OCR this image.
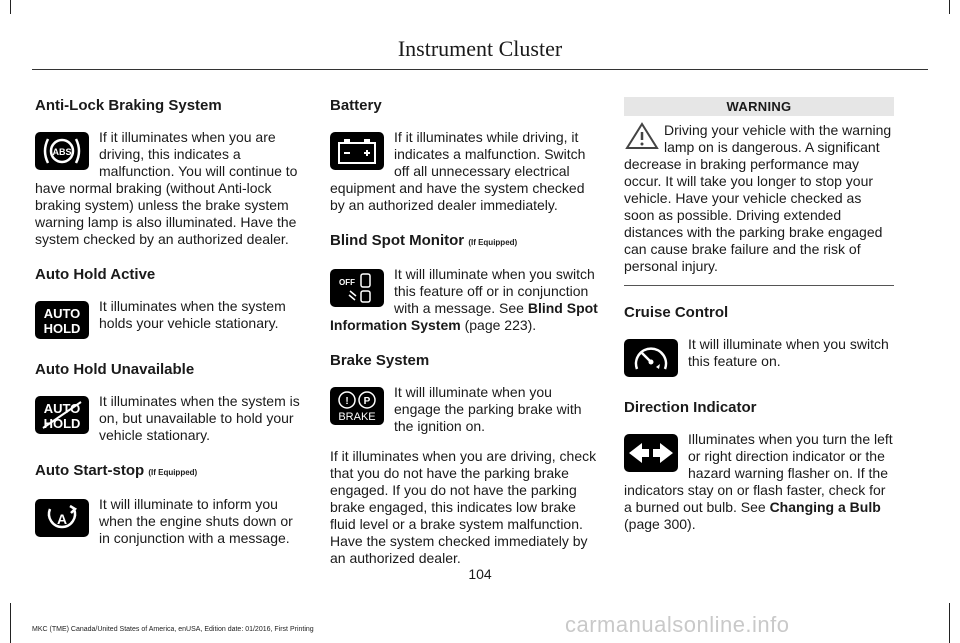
Instrument Cluster
Anti-Lock Braking System
ABS

If it illuminates when you are driving, this indicates a malfunction. You will continue to have normal braking (without Anti-lock braking system) unless the brake system warning lamp is also illuminated. Have the system checked by an authorized dealer.

Auto Hold Active
AUTO
HOLD

It illuminates when the system holds your vehicle stationary.

Auto Hold Unavailable
AUTO
HOLD

It illuminates when the system is on, but unavailable to hold your vehicle stationary.

Auto Start-stop (If Equipped)
A

It will illuminate to inform you when the engine shuts down or in conjunction with a message.

Battery

If it illuminates while driving, it indicates a malfunction. Switch off all unnecessary electrical equipment and have the system checked by an authorized dealer immediately.

Blind Spot Monitor (If Equipped)
OFF

It will illuminate when you switch this feature off or in conjunction with a message. See Blind Spot Information System (page 223).

Brake System
! P
BRAKE

It will illuminate when you engage the parking brake with the ignition on.

If it illuminates when you are driving, check that you do not have the parking brake engaged. If you do not have the parking brake engaged, this indicates low brake fluid level or a brake system malfunction. Have the system checked immediately by an authorized dealer.

WARNING

Driving your vehicle with the warning lamp on is dangerous. A significant decrease in braking performance may occur. It will take you longer to stop your vehicle. Have your vehicle checked as soon as possible. Driving extended distances with the parking brake engaged can cause brake failure and the risk of personal injury.

Cruise Control

It will illuminate when you switch this feature on.

Direction Indicator

Illuminates when you turn the left or right direction indicator or the hazard warning flasher on. If the indicators stay on or flash faster, check for a burned out bulb. See Changing a Bulb (page 300).

104
MKC (TME) Canada/United States of America, enUSA, Edition date: 01/2016, First Printing	carmanualsonline.info
